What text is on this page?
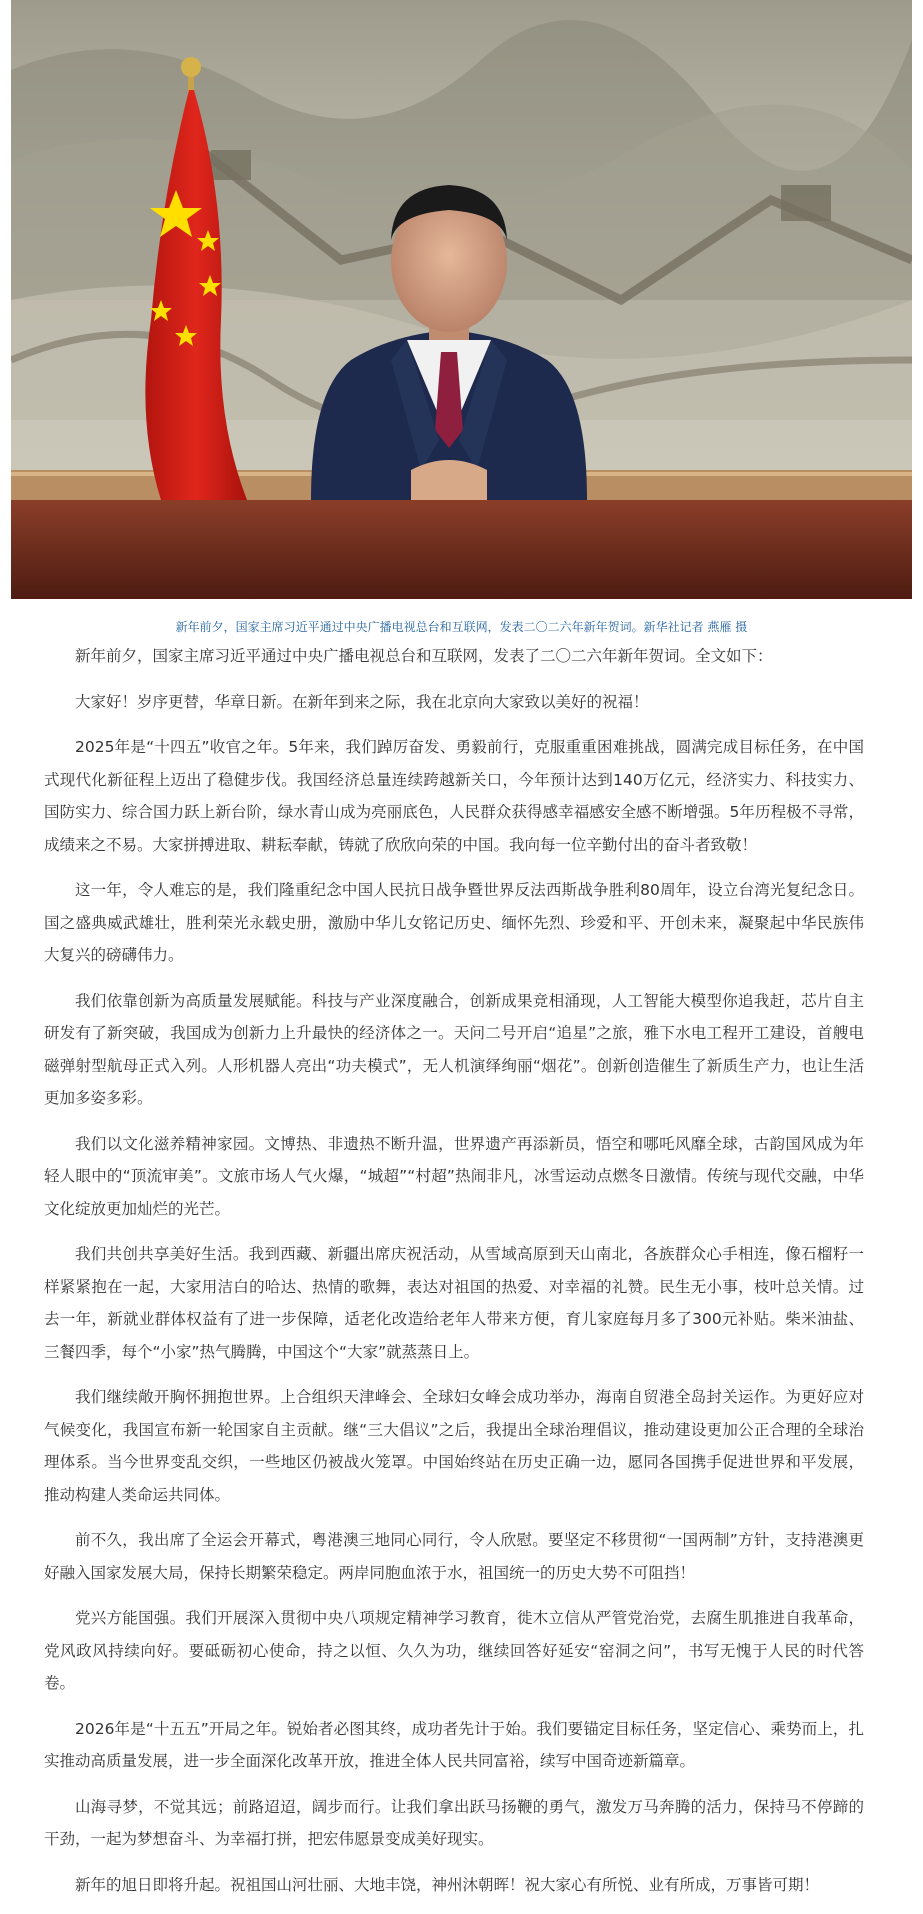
新年前夕，国家主席习近平通过中央广播电视总台和互联网，发表二〇二六年新年贺词。新华社记者 燕雁 摄

新年前夕，国家主席习近平通过中央广播电视总台和互联网，发表了二〇二六年新年贺词。全文如下：

大家好！岁序更替，华章日新。在新年到来之际，我在北京向大家致以美好的祝福！

2025年是“十四五”收官之年。5年来，我们踔厉奋发、勇毅前行，克服重重困难挑战，圆满完成目标任务，在中国式现代化新征程上迈出了稳健步伐。我国经济总量连续跨越新关口，今年预计达到140万亿元，经济实力、科技实力、国防实力、综合国力跃上新台阶，绿水青山成为亮丽底色，人民群众获得感幸福感安全感不断增强。5年历程极不寻常，成绩来之不易。大家拼搏进取、耕耘奉献，铸就了欣欣向荣的中国。我向每一位辛勤付出的奋斗者致敬！

这一年，令人难忘的是，我们隆重纪念中国人民抗日战争暨世界反法西斯战争胜利80周年，设立台湾光复纪念日。国之盛典威武雄壮，胜利荣光永载史册，激励中华儿女铭记历史、缅怀先烈、珍爱和平、开创未来，凝聚起中华民族伟大复兴的磅礴伟力。

我们依靠创新为高质量发展赋能。科技与产业深度融合，创新成果竞相涌现，人工智能大模型你追我赶，芯片自主研发有了新突破，我国成为创新力上升最快的经济体之一。天问二号开启“追星”之旅，雅下水电工程开工建设，首艘电磁弹射型航母正式入列。人形机器人亮出“功夫模式”，无人机演绎绚丽“烟花”。创新创造催生了新质生产力，也让生活更加多姿多彩。

我们以文化滋养精神家园。文博热、非遗热不断升温，世界遗产再添新员，悟空和哪吒风靡全球，古韵国风成为年轻人眼中的“顶流审美”。文旅市场人气火爆，“城超”“村超”热闹非凡，冰雪运动点燃冬日激情。传统与现代交融，中华文化绽放更加灿烂的光芒。

我们共创共享美好生活。我到西藏、新疆出席庆祝活动，从雪域高原到天山南北，各族群众心手相连，像石榴籽一样紧紧抱在一起，大家用洁白的哈达、热情的歌舞，表达对祖国的热爱、对幸福的礼赞。民生无小事，枝叶总关情。过去一年，新就业群体权益有了进一步保障，适老化改造给老年人带来方便，育儿家庭每月多了300元补贴。柴米油盐、三餐四季，每个“小家”热气腾腾，中国这个“大家”就蒸蒸日上。

我们继续敞开胸怀拥抱世界。上合组织天津峰会、全球妇女峰会成功举办，海南自贸港全岛封关运作。为更好应对气候变化，我国宣布新一轮国家自主贡献。继“三大倡议”之后，我提出全球治理倡议，推动建设更加公正合理的全球治理体系。当今世界变乱交织，一些地区仍被战火笼罩。中国始终站在历史正确一边，愿同各国携手促进世界和平发展，推动构建人类命运共同体。

前不久，我出席了全运会开幕式，粤港澳三地同心同行，令人欣慰。要坚定不移贯彻“一国两制”方针，支持港澳更好融入国家发展大局，保持长期繁荣稳定。两岸同胞血浓于水，祖国统一的历史大势不可阻挡！

党兴方能国强。我们开展深入贯彻中央八项规定精神学习教育，徙木立信从严管党治党，去腐生肌推进自我革命，党风政风持续向好。要砥砺初心使命，持之以恒、久久为功，继续回答好延安“窑洞之问”，书写无愧于人民的时代答卷。

2026年是“十五五”开局之年。锐始者必图其终，成功者先计于始。我们要锚定目标任务，坚定信心、乘势而上，扎实推动高质量发展，进一步全面深化改革开放，推进全体人民共同富裕，续写中国奇迹新篇章。

山海寻梦，不觉其远；前路迢迢，阔步而行。让我们拿出跃马扬鞭的勇气，激发万马奔腾的活力，保持马不停蹄的干劲，一起为梦想奋斗、为幸福打拼，把宏伟愿景变成美好现实。

新年的旭日即将升起。祝祖国山河壮丽、大地丰饶，神州沐朝晖！祝大家心有所悦、业有所成，万事皆可期！
